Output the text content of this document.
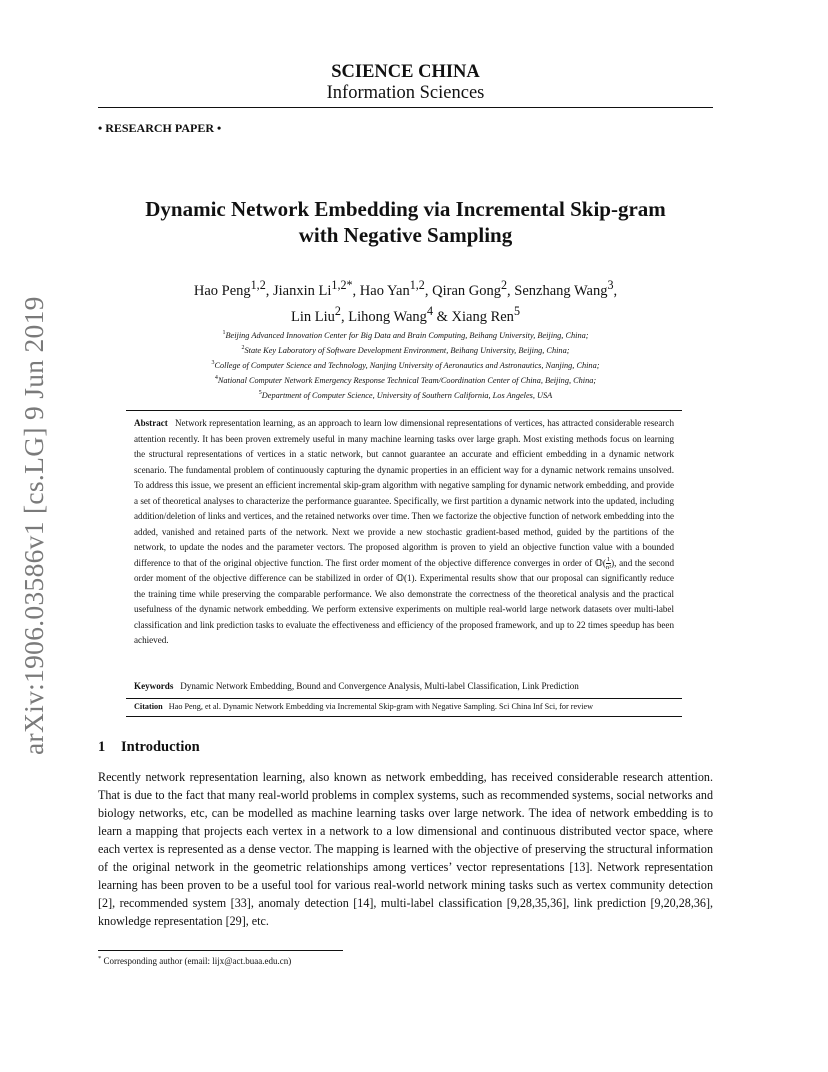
arXiv:1906.03586v1 [cs.LG] 9 Jun 2019
SCIENCE CHINA
Information Sciences
• RESEARCH PAPER •
Dynamic Network Embedding via Incremental Skip-gram
with Negative Sampling
Hao Peng$^{1,2}$, Jianxin $Li^{1,2*}$, Hao Yan$^{1,2}$, Qiran Gong$^2$, Senzhang Wang$^3$,
Lin Liu$^2$, Lihong Wang$^4$ & Xiang Ren$^5$
$^1$Beijing Advanced Innovation Center for Big Data and Brain Computing, Beihang University, Beijing, China;
$^2$State Key Laboratory of Software Development Environment, Beihang University, Beijing, China;
$^3$College of Computer Science and Technology, Nanjing University of Aeronautics and Astronautics, Nanjing, China;
$^4$National Computer Network Emergency Response Technical Team/Coordination Center of China, Beijing, China;
$^5$Department of Computer Science, University of Southern California, Los Angeles, USA
Abstract Network representation learning, as an approach to learn low dimensional representations of vertices, has attracted considerable research attention recently. It has been proven extremely useful in many machine learning tasks over large graph. Most existing methods focus on learning the structural representations of vertices in a static network, but cannot guarantee an accurate and efficient embedding in a dynamic network scenario. The fundamental problem of continuously capturing the dynamic properties in an efficient way for a dynamic network remains unsolved. To address this issue, we present an efficient incremental skip-gram algorithm with negative sampling for dynamic network embedding, and provide a set of theoretical analyses to characterize the performance guarantee. Specifically, we first partition a dynamic network into the updated, including addition/deletion of links and vertices, and the retained networks over time. Then we factorize the objective function of network embedding into the added, vanished and retained parts of the network. Next we provide a new stochastic gradient-based method, guided by the partitions of the network, to update the nodes and the parameter vectors. The proposed algorithm is proven to yield an objective function value with a bounded difference to that of the original objective function. The first order moment of the objective difference converges in order of 𝕆( $\frac{1}{\text{n²}}$ ), and the second order moment of the objective difference can be stabilized in order of 𝕆(1). Experimental results show that our proposal can significantly reduce the training time while preserving the comparable performance. We also demonstrate the correctness of the theoretical analysis and the practical usefulness of the dynamic network embedding. We perform extensive experiments on multiple real-world large network datasets over multi-label classification and link prediction tasks to evaluate the effectiveness and efficiency of the proposed framework, and up to 22 times speedup has been achieved.
Keywords Dynamic Network Embedding, Bound and Convergence Analysis, Multi-label Classification, Link Prediction
Citation Hao Peng, et al. Dynamic Network Embedding via Incremental Skip-gram with Negative Sampling. Sci China Inf Sci, for review
1 Introduction
Recently network representation learning, also known as network embedding, has received considerable research attention. That is due to the fact that many real-world problems in complex systems, such as recommended systems, social networks and biology networks, etc, can be modelled as machine learning tasks over large network. The idea of network embedding is to learn a mapping that projects each vertex in a network to a low dimensional and continuous distributed vector space, where each vertex is represented as a dense vector. The mapping is learned with the objective of preserving the structural information of the original network in the geometric relationships among vertices’ vector representations [13]. Network representation learning has been proven to be a useful tool for various real-world network mining tasks such as vertex community detection [2], recommended system [33], anomaly detection [14], multi-label classification [9,28,35,36], link prediction [9,20,28,36], knowledge representation [29], etc.
* Corresponding author (email: lijx@act.buaa.edu.cn)
